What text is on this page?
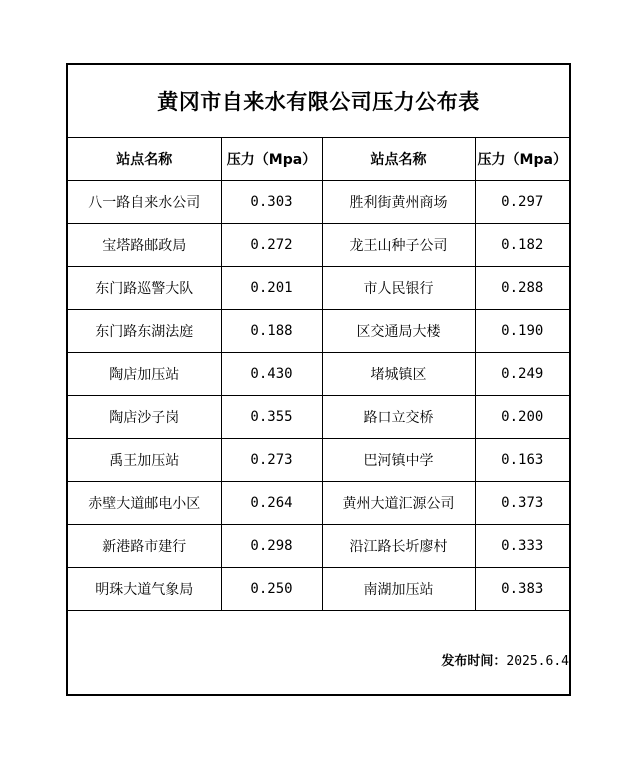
黄冈市自来水有限公司压力公布表
站点名称	压力（Mpa）	站点名称	压力（Mpa）
八一路自来水公司	0.303	胜利街黄州商场	0.297
宝塔路邮政局	0.272	龙王山种子公司	0.182
东门路巡警大队	0.201	市人民银行	0.288
东门路东湖法庭	0.188	区交通局大楼	0.190
陶店加压站	0.430	堵城镇区	0.249
陶店沙子岗	0.355	路口立交桥	0.200
禹王加压站	0.273	巴河镇中学	0.163
赤壁大道邮电小区	0.264	黄州大道汇源公司	0.373
新港路市建行	0.298	沿江路长圻廖村	0.333
明珠大道气象局	0.250	南湖加压站	0.383
发布时间：2025.6.4
